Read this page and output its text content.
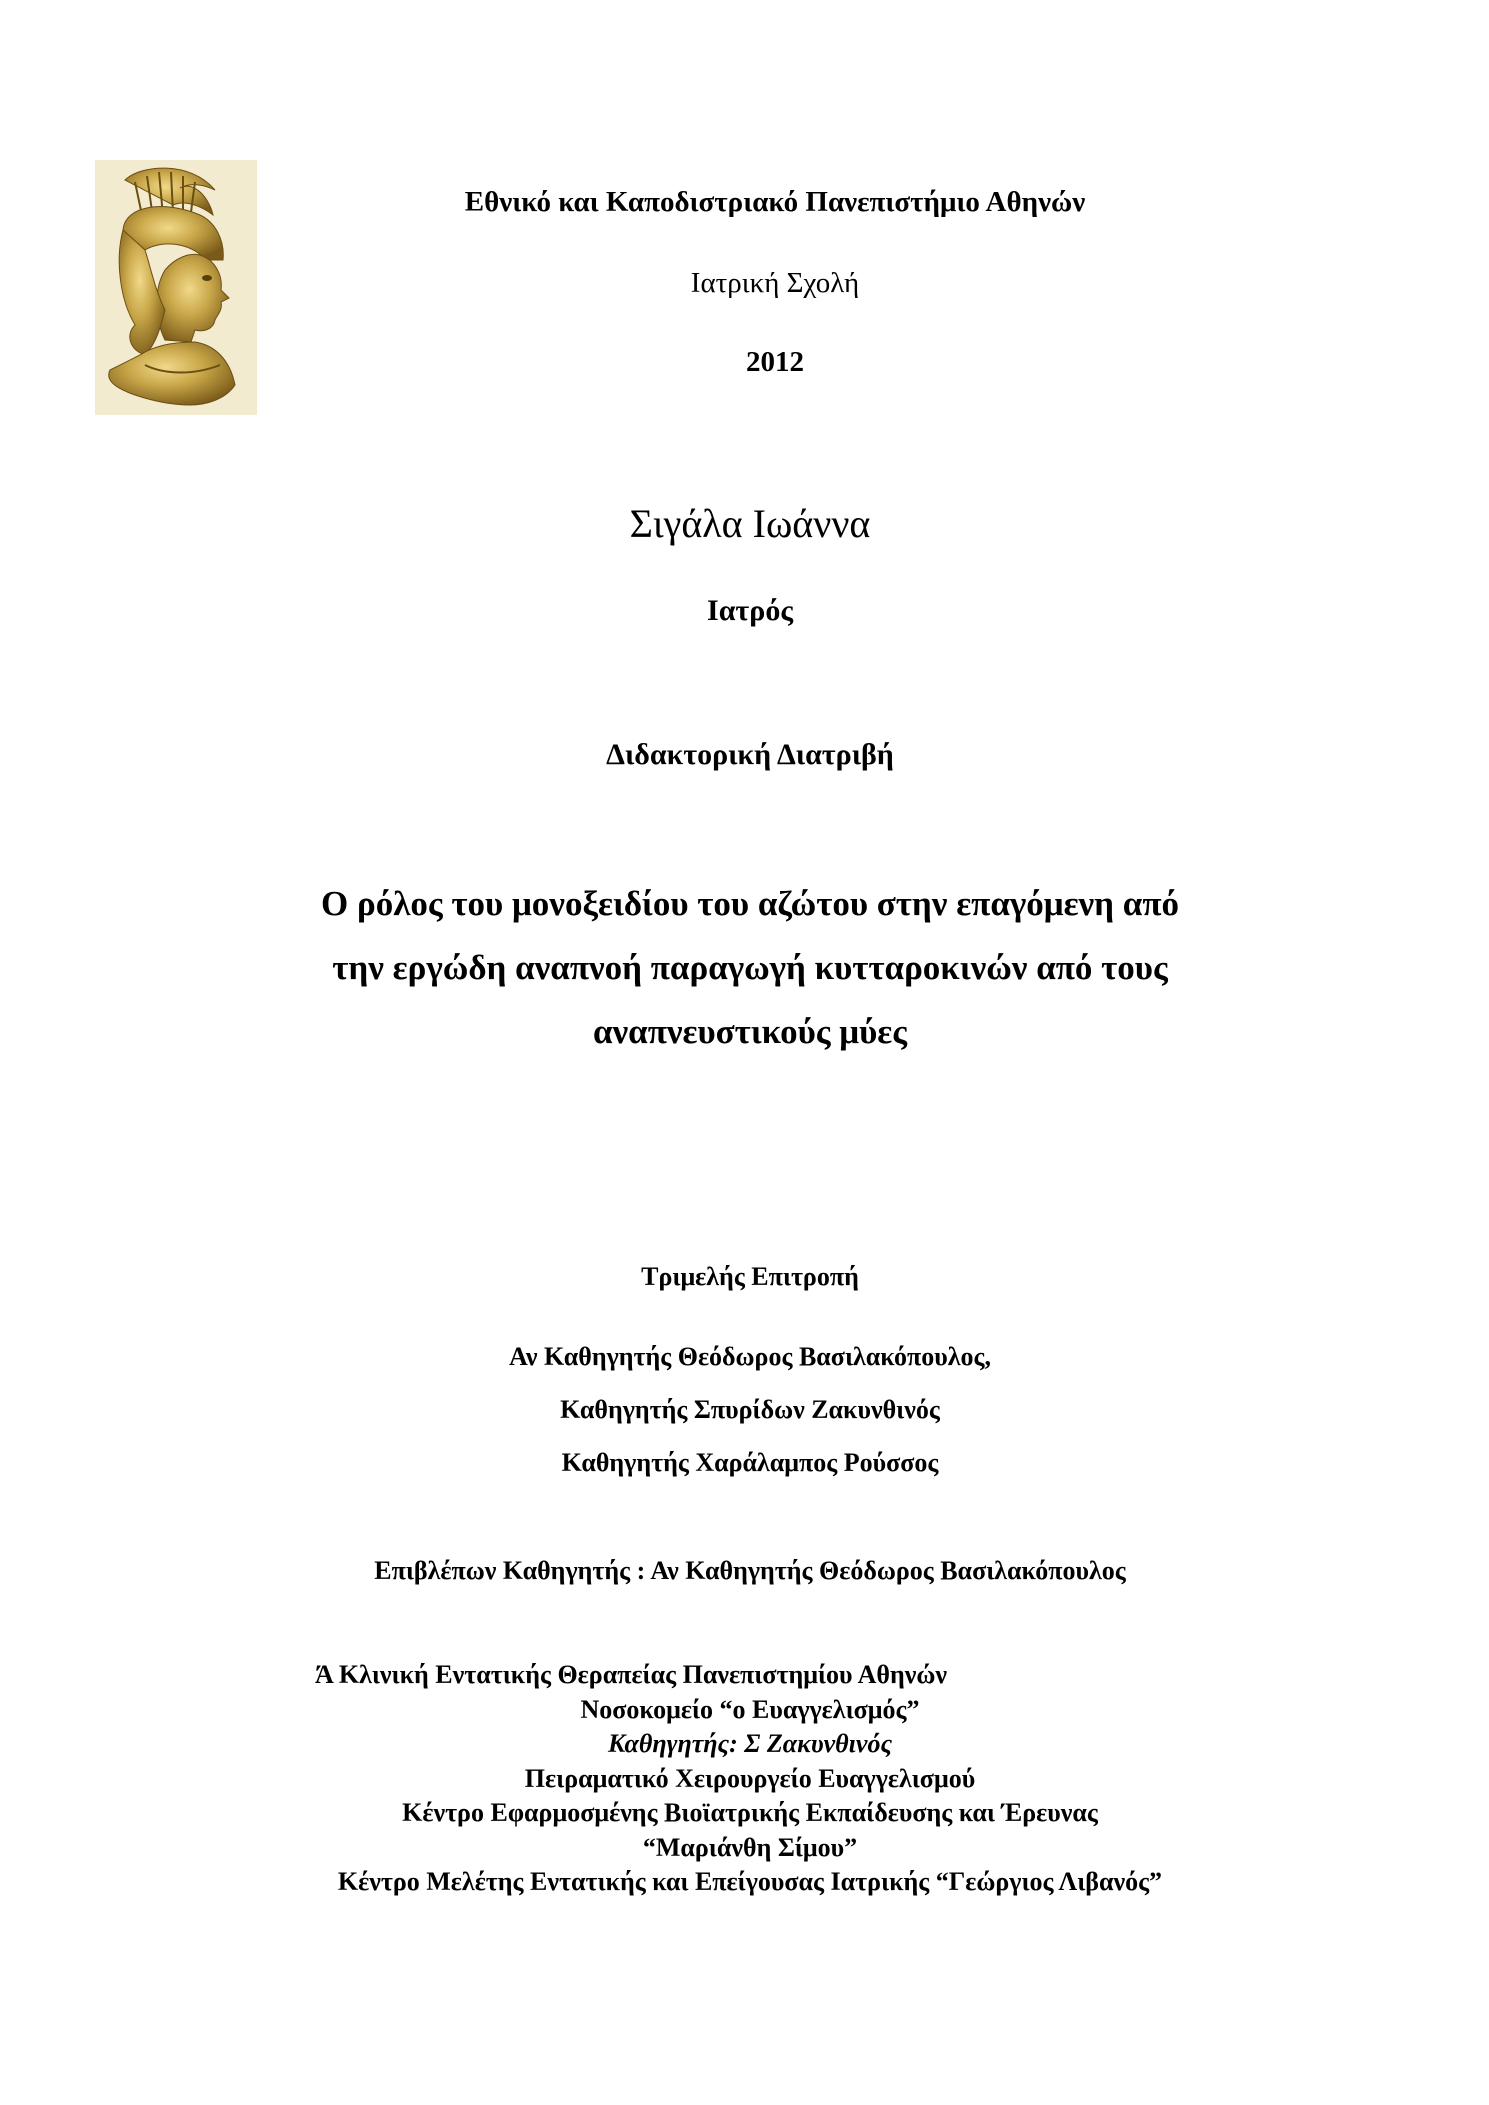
Εθνικό και Καποδιστριακό Πανεπιστήμιο Αθηνών
Ιατρική Σχολή
2012
Σιγάλα Ιωάννα
Ιατρός
Διδακτορική Διατριβή
Ο ρόλος του μονοξειδίου του αζώτου στην επαγόμενη από
την εργώδη αναπνοή παραγωγή κυτταροκινών από τους
αναπνευστικούς μύες
Τριμελής Επιτροπή
Αν Καθηγητής Θεόδωρος Βασιλακόπουλος,
Καθηγητής Σπυρίδων Ζακυνθινός
Καθηγητής Χαράλαμπος Ρούσσος
Επιβλέπων Καθηγητής : Αν Καθηγητής Θεόδωρος Βασιλακόπουλος
Ά Κλινική Εντατικής Θεραπείας Πανεπιστημίου Αθηνών
Νοσοκομείο “ο Ευαγγελισμός”
Καθηγητής: Σ Ζακυνθινός
Πειραματικό Χειρουργείο Ευαγγελισμού
Κέντρο Εφαρμοσμένης Βιοϊατρικής Εκπαίδευσης και Έρευνας
“Μαριάνθη Σίμου”
Κέντρο Μελέτης Εντατικής και Επείγουσας Ιατρικής “Γεώργιος Λιβανός”
